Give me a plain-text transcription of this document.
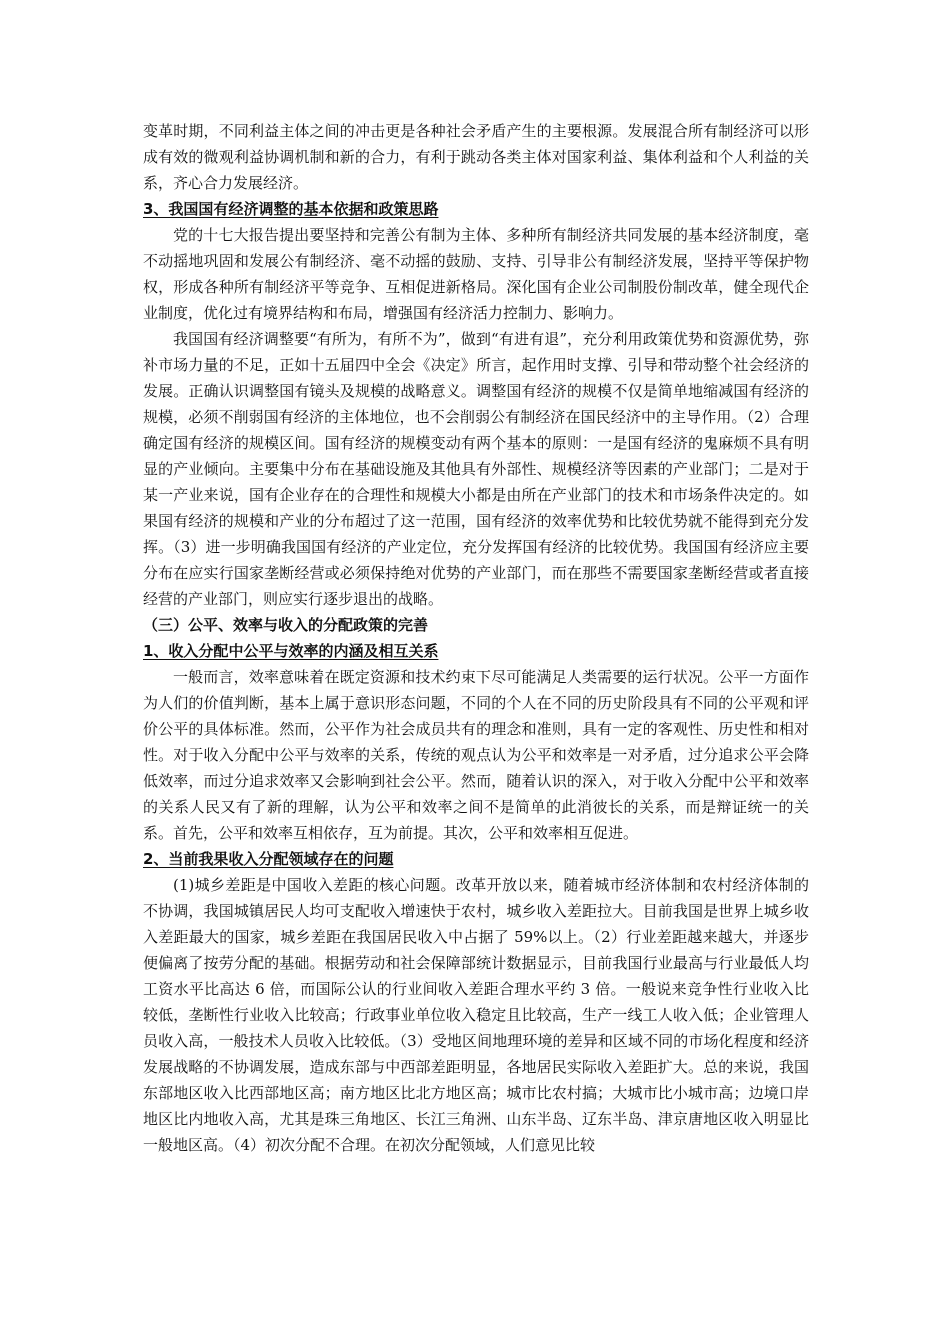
变革时期，不同利益主体之间的冲击更是各种社会矛盾产生的主要根源。发展混合所有制经济可以形成有效的微观利益协调机制和新的合力，有利于跳动各类主体对国家利益、集体利益和个人利益的关系，齐心合力发展经济。

3、我国国有经济调整的基本依据和政策思路

党的十七大报告提出要坚持和完善公有制为主体、多种所有制经济共同发展的基本经济制度，毫不动摇地巩固和发展公有制经济、毫不动摇的鼓励、支持、引导非公有制经济发展，坚持平等保护物权，形成各种所有制经济平等竞争、互相促进新格局。深化国有企业公司制股份制改革，健全现代企业制度，优化过有境界结构和布局，增强国有经济活力控制力、影响力。

我国国有经济调整要“有所为，有所不为”，做到“有进有退”，充分利用政策优势和资源优势，弥补市场力量的不足，正如十五届四中全会《决定》所言，起作用时支撑、引导和带动整个社会经济的发展。正确认识调整国有镜头及规模的战略意义。调整国有经济的规模不仅是简单地缩减国有经济的规模，必须不削弱国有经济的主体地位，也不会削弱公有制经济在国民经济中的主导作用。（2）合理确定国有经济的规模区间。国有经济的规模变动有两个基本的原则：一是国有经济的鬼麻烦不具有明显的产业倾向。主要集中分布在基础设施及其他具有外部性、规模经济等因素的产业部门；二是对于某一产业来说，国有企业存在的合理性和规模大小都是由所在产业部门的技术和市场条件决定的。如果国有经济的规模和产业的分布超过了这一范围，国有经济的效率优势和比较优势就不能得到充分发挥。（3）进一步明确我国国有经济的产业定位，充分发挥国有经济的比较优势。我国国有经济应主要分布在应实行国家垄断经营或必须保持绝对优势的产业部门，而在那些不需要国家垄断经营或者直接经营的产业部门，则应实行逐步退出的战略。

（三）公平、效率与收入的分配政策的完善

1、收入分配中公平与效率的内涵及相互关系

一般而言，效率意味着在既定资源和技术约束下尽可能满足人类需要的运行状况。公平一方面作为人们的价值判断，基本上属于意识形态问题，不同的个人在不同的历史阶段具有不同的公平观和评价公平的具体标准。然而，公平作为社会成员共有的理念和准则，具有一定的客观性、历史性和相对性。对于收入分配中公平与效率的关系，传统的观点认为公平和效率是一对矛盾，过分追求公平会降低效率，而过分追求效率又会影响到社会公平。然而，随着认识的深入，对于收入分配中公平和效率的关系人民又有了新的理解，认为公平和效率之间不是简单的此消彼长的关系，而是辩证统一的关系。首先，公平和效率互相依存，互为前提。其次，公平和效率相互促进。

2、当前我果收入分配领域存在的问题

(1)城乡差距是中国收入差距的核心问题。改革开放以来，随着城市经济体制和农村经济体制的不协调，我国城镇居民人均可支配收入增速快于农村，城乡收入差距拉大。目前我国是世界上城乡收入差距最大的国家，城乡差距在我国居民收入中占据了 59%以上。（2）行业差距越来越大，并逐步便偏离了按劳分配的基础。根据劳动和社会保障部统计数据显示，目前我国行业最高与行业最低人均工资水平比高达 6 倍，而国际公认的行业间收入差距合理水平约 3 倍。一般说来竞争性行业收入比较低，垄断性行业收入比较高；行政事业单位收入稳定且比较高，生产一线工人收入低；企业管理人员收入高，一般技术人员收入比较低。（3）受地区间地理环境的差异和区域不同的市场化程度和经济发展战略的不协调发展，造成东部与中西部差距明显，各地居民实际收入差距扩大。总的来说，我国东部地区收入比西部地区高；南方地区比北方地区高；城市比农村搞；大城市比小城市高；边境口岸地区比内地收入高，尤其是珠三角地区、长江三角洲、山东半岛、辽东半岛、津京唐地区收入明显比一般地区高。（4）初次分配不合理。在初次分配领域，人们意见比较
